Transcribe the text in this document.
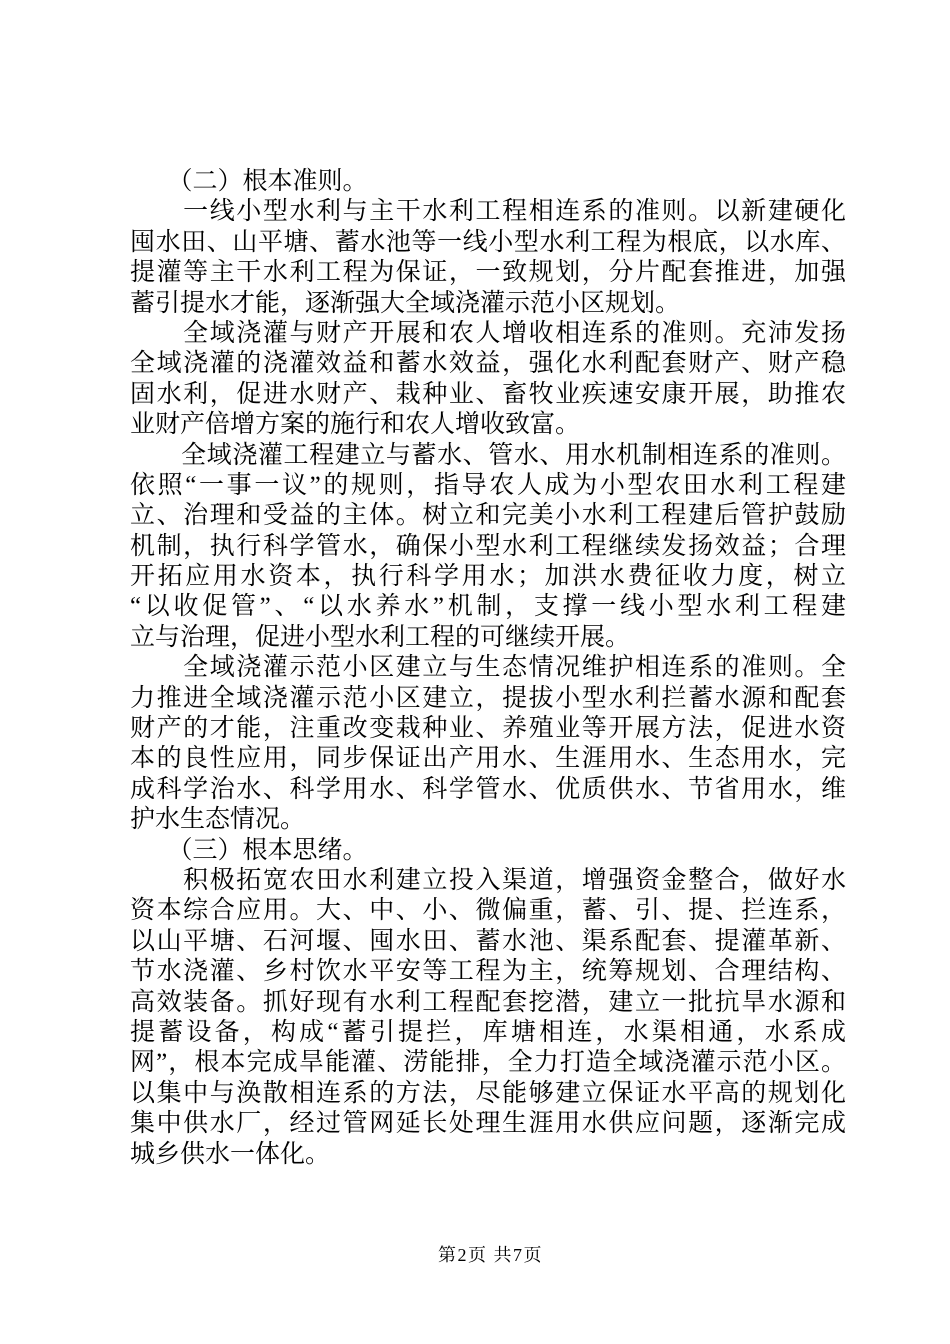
　　（二）根本准则。
　　一线小型水利与主干水利工程相连系的准则。以新建硬化
囤水田、山平塘、蓄水池等一线小型水利工程为根底，以水库、
提灌等主干水利工程为保证，一致规划，分片配套推进，加强
蓄引提水才能，逐渐强大全域浇灌示范小区规划。
　　全域浇灌与财产开展和农人增收相连系的准则。充沛发扬
全域浇灌的浇灌效益和蓄水效益，强化水利配套财产、财产稳
固水利，促进水财产、栽种业、畜牧业疾速安康开展，助推农
业财产倍增方案的施行和农人增收致富。
　　全域浇灌工程建立与蓄水、管水、用水机制相连系的准则。
依照“一事一议”的规则，指导农人成为小型农田水利工程建
立、治理和受益的主体。树立和完美小水利工程建后管护鼓励
机制，执行科学管水，确保小型水利工程继续发扬效益；合理
开拓应用水资本，执行科学用水；加洪水费征收力度，树立
“以收促管”、“以水养水”机制，支撑一线小型水利工程建
立与治理，促进小型水利工程的可继续开展。
　　全域浇灌示范小区建立与生态情况维护相连系的准则。全
力推进全域浇灌示范小区建立，提拔小型水利拦蓄水源和配套
财产的才能，注重改变栽种业、养殖业等开展方法，促进水资
本的良性应用，同步保证出产用水、生涯用水、生态用水，完
成科学治水、科学用水、科学管水、优质供水、节省用水，维
护水生态情况。
　　（三）根本思绪。
　　积极拓宽农田水利建立投入渠道，增强资金整合，做好水
资本综合应用。大、中、小、微偏重，蓄、引、提、拦连系，
以山平塘、石河堰、囤水田、蓄水池、渠系配套、提灌革新、
节水浇灌、乡村饮水平安等工程为主，统筹规划、合理结构、
高效装备。抓好现有水利工程配套挖潜，建立一批抗旱水源和
提蓄设备，构成“蓄引提拦，库塘相连，水渠相通，水系成
网”，根本完成旱能灌、涝能排，全力打造全域浇灌示范小区。
以集中与涣散相连系的方法，尽能够建立保证水平高的规划化
集中供水厂，经过管网延长处理生涯用水供应问题，逐渐完成
城乡供水一体化。
第2页 共7页
